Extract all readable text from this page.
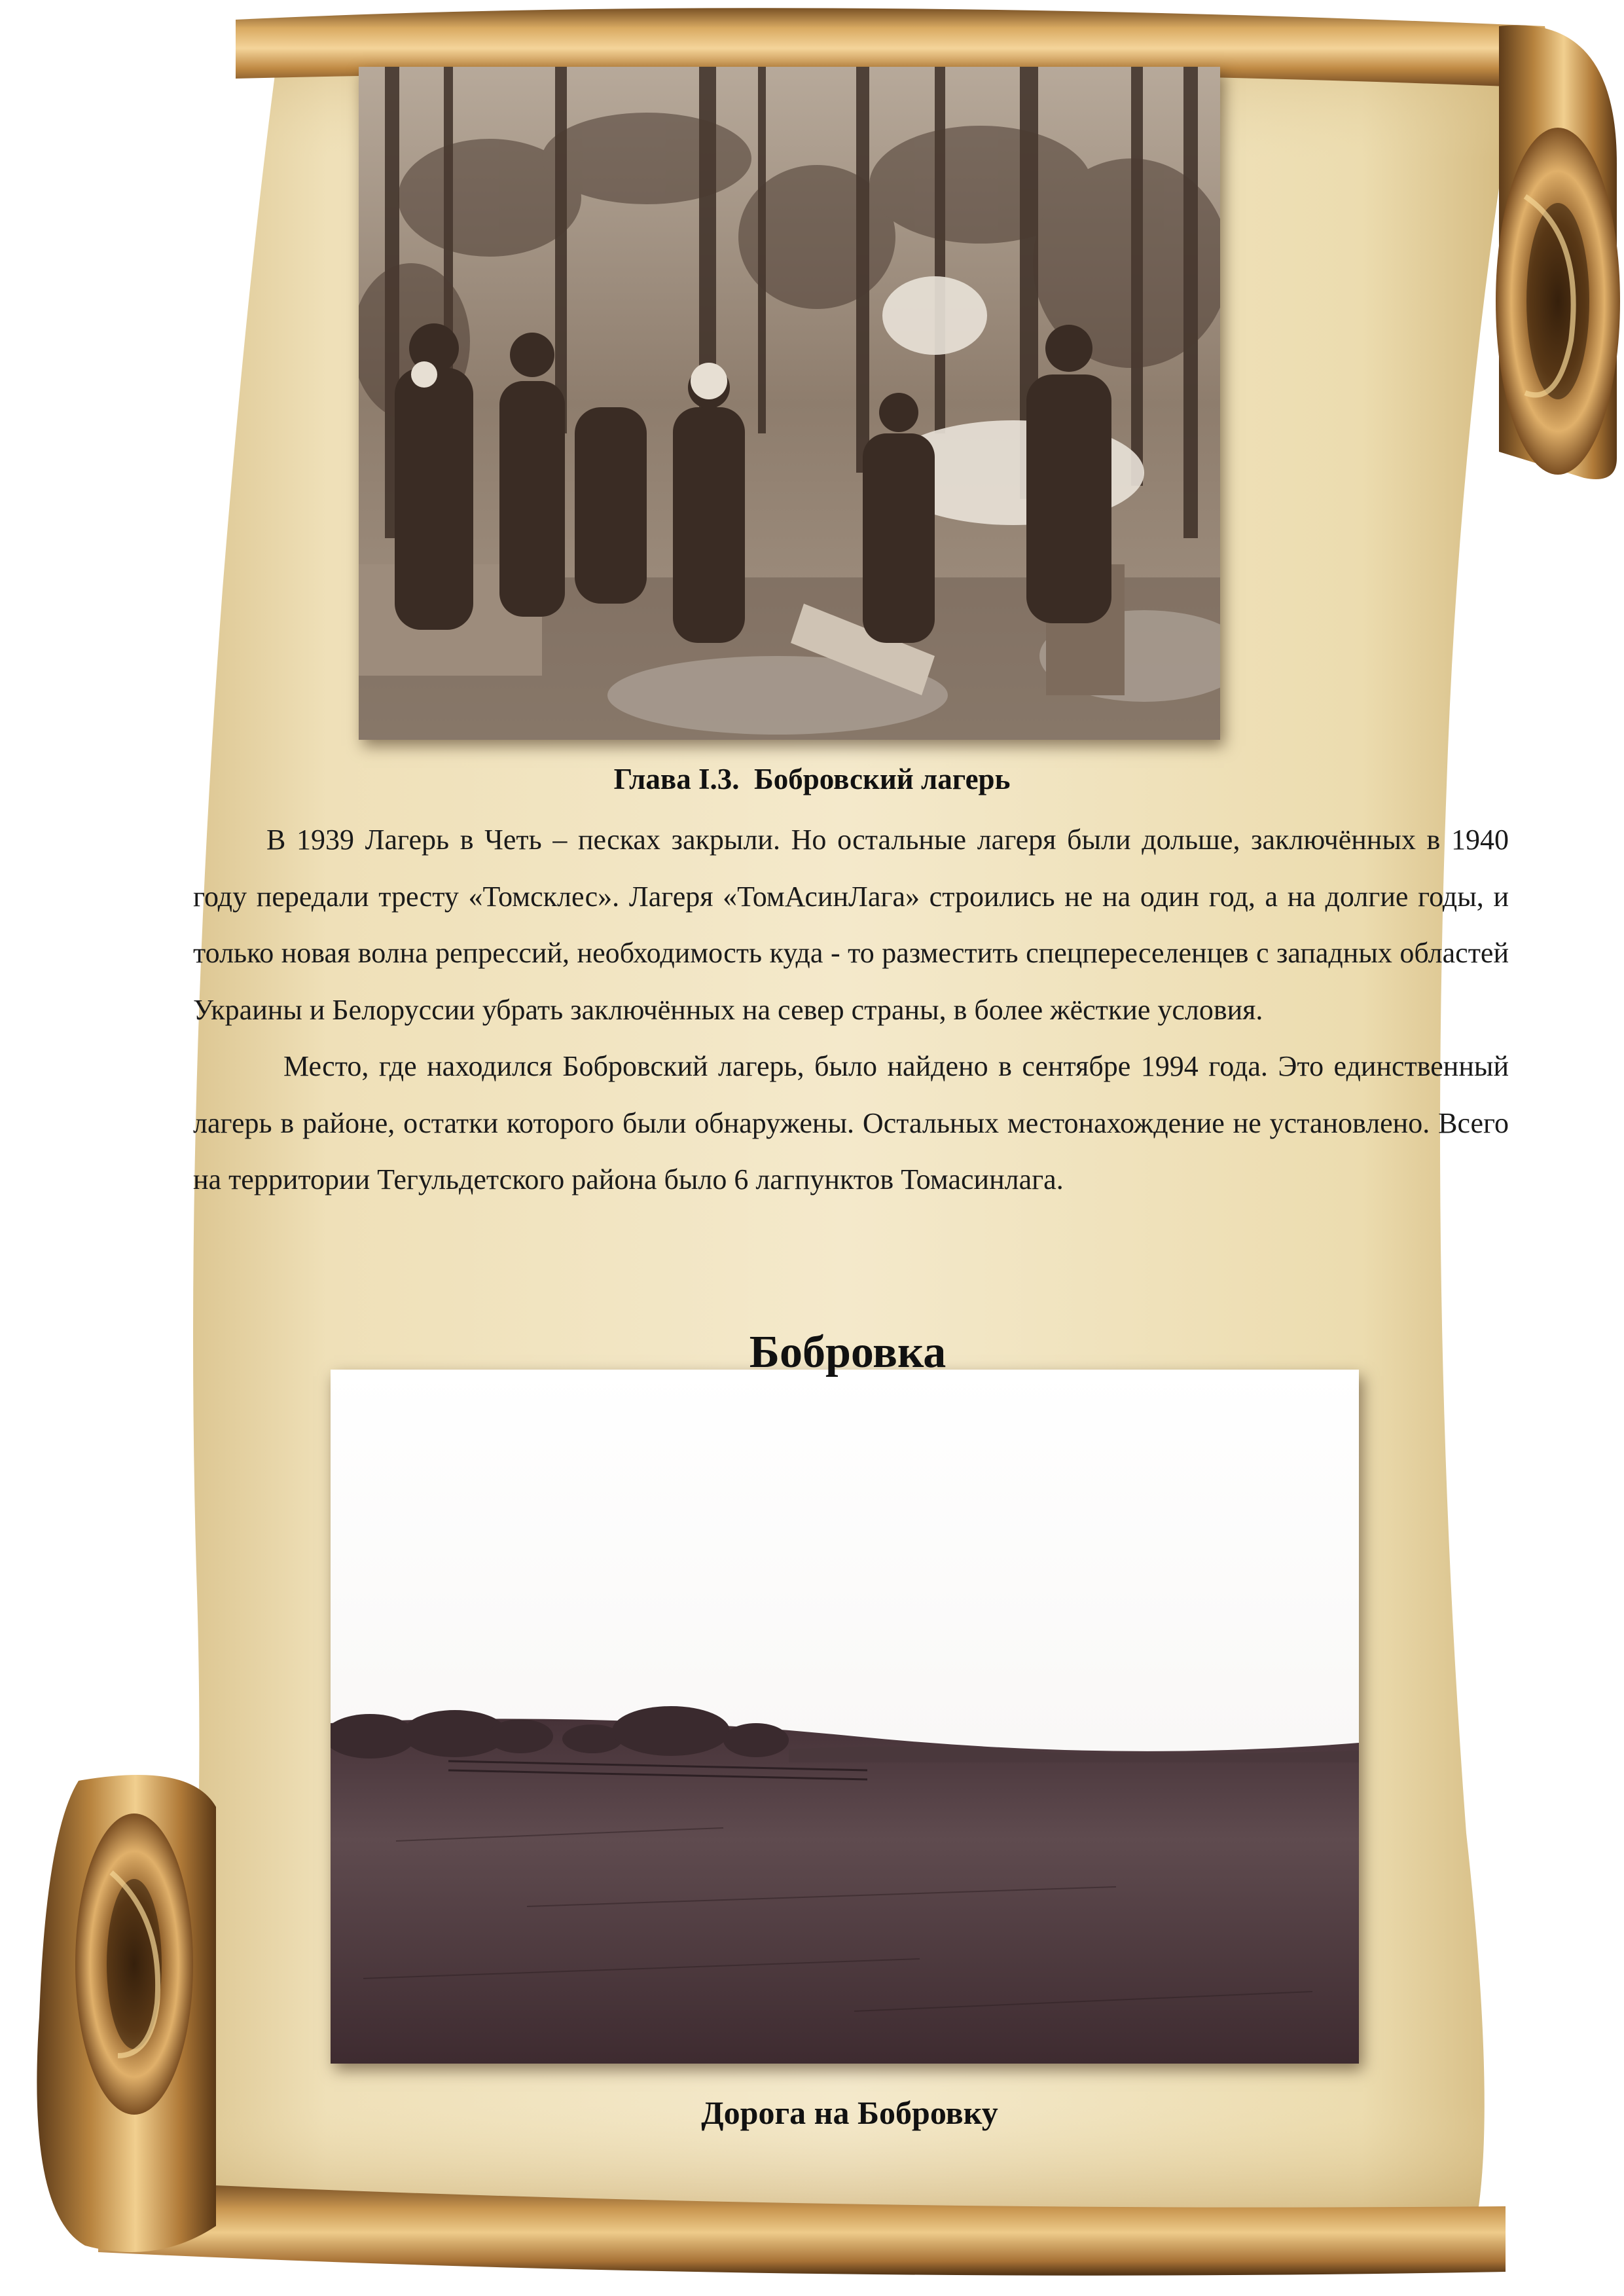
Глава I.3.  Бобровский лагерь

В 1939 Лагерь в Четь – песках закрыли. Но остальные лагеря были дольше, заключённых в 1940 году передали тресту «Томсклес». Лагеря «ТомАсинЛага» строились не на один год, а на долгие годы, и только новая волна репрессий, необходимость куда - то разместить спецпереселенцев с западных областей Украины и Белоруссии убрать заключённых на север страны, в более жёсткие условия.

Место, где находился Бобровский лагерь, было найдено в сентябре 1994 года. Это единственный лагерь в районе, остатки которого были обнаружены. Остальных местонахождение не установлено. Всего на территории Тегульдетского района было 6 лагпунктов Томасинлага.

Бобровка
Дорога на Бобровку
